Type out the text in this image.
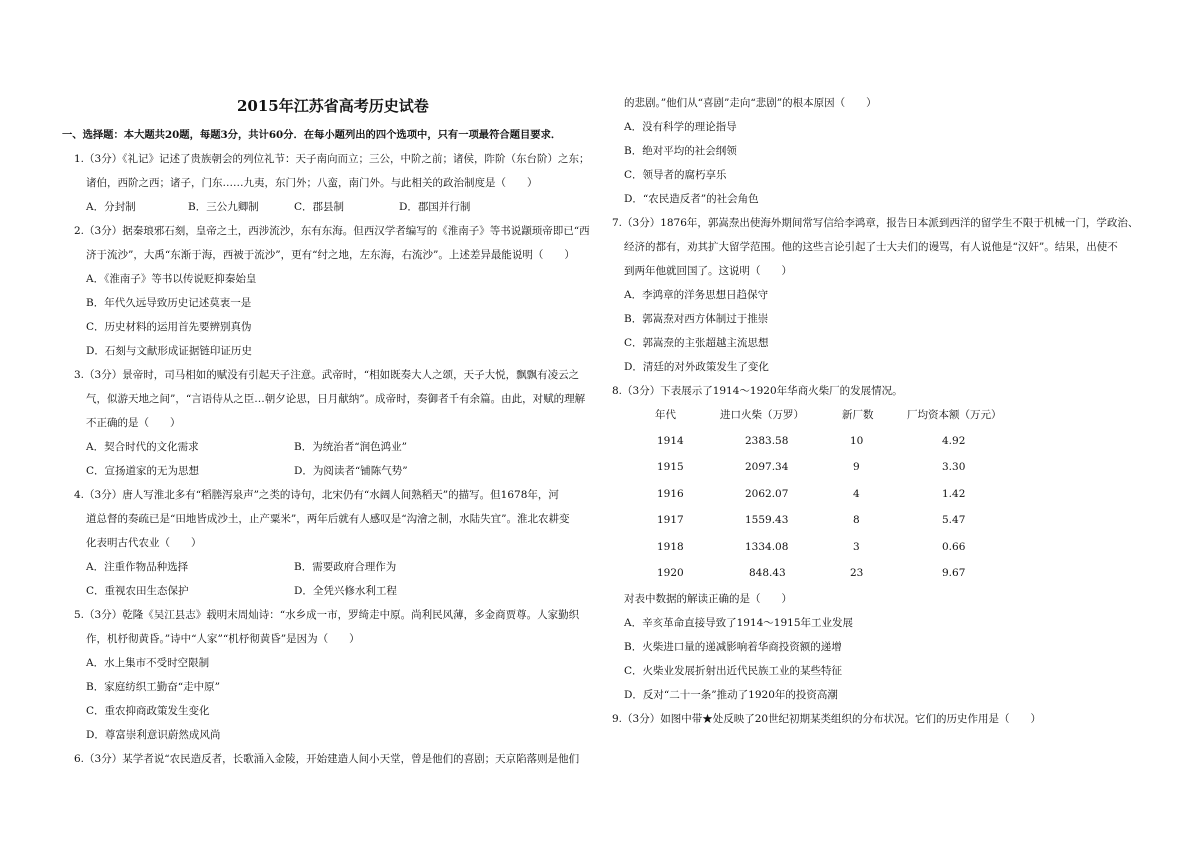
2015年江苏省高考历史试卷
一、选择题：本大题共20题，每题3分，共计60分．在每小题列出的四个选项中，只有一项最符合题目要求．
1.（3分）《礼记》记述了贵族朝会的列位礼节：天子南向而立；三公，中阶之前；诸侯，阼阶（东台阶）之东；
诸伯，西阶之西；诸子，门东……九夷，东门外；八蛮，南门外。与此相关的政治制度是（　　）
A．分封制	B．三公九卿制	C．郡县制	D．郡国并行制
2.（3分）据秦琅邪石刻，皇帝之土，西涉流沙，东有东海。但西汉学者编写的《淮南子》等书说颛顼帝即已“西
济于流沙”，大禹“东渐于海，西被于流沙”，更有“纣之地，左东海，右流沙”。上述差异最能说明（　　）
A．《淮南子》等书以传说贬抑秦始皇
B．年代久远导致历史记述莫衷一是
C．历史材料的运用首先要辨别真伪
D．石刻与文献形成证据链印证历史
3.（3分）景帝时，司马相如的赋没有引起天子注意。武帝时，“相如既奏大人之颂，天子大悦，飘飘有凌云之
气，似游天地之间”，“言语侍从之臣…朝夕论思，日月献纳”。成帝时，奏御者千有余篇。由此，对赋的理解
不正确的是（　　）
A．契合时代的文化需求	B．为统治者“润色鸿业”
C．宣扬道家的无为思想	D．为阅读者“铺陈气势”
4.（3分）唐人写淮北多有“稻塍泻泉声”之类的诗句，北宋仍有“水阔人间熟稻天”的描写。但1678年，河
道总督的奏疏已是“田地皆成沙土，止产粟米”，两年后就有人感叹是“沟澮之制，水陆失宜”。淮北农耕变
化表明古代农业（　　）
A．注重作物品种选择	B．需要政府合理作为
C．重视农田生态保护	D．全凭兴修水利工程
5.（3分）乾隆《吴江县志》载明末周灿诗：“水乡成一市，罗绮走中原。尚利民风薄，多金商贾尊。人家勤织
作，机杼彻黄昏。”诗中“人家”“机杼彻黄昏”是因为（　　）
A．水上集市不受时空限制
B．家庭纺织工勤奋“走中原”
C．重农抑商政策发生变化
D．尊富崇利意识蔚然成风尚
6.（3分）某学者说“农民造反者，长歌涌入金陵，开始建造人间小天堂，曾是他们的喜剧；天京陷落则是他们
的悲剧。”他们从“喜剧”走向“悲剧”的根本原因（　　）
A．没有科学的理论指导
B．绝对平均的社会纲领
C．领导者的腐朽享乐
D．“农民造反者”的社会角色
7.（3分）1876年，郭嵩焘出使海外期间常写信给李鸿章，报告日本派到西洋的留学生不限于机械一门，学政治、
经济的都有，劝其扩大留学范围。他的这些言论引起了士大夫们的谩骂，有人说他是“汉奸”。结果，出使不
到两年他就回国了。这说明（　　）
A．李鸿章的洋务思想日趋保守
B．郭嵩焘对西方体制过于推崇
C．郭嵩焘的主张超越主流思想
D．清廷的对外政策发生了变化
8.（3分）下表展示了1914～1920年华商火柴厂的发展情况。
年代	进口火柴（万罗）	新厂数	厂均资本额（万元）
1914	2383.58	10	4.92
1915	2097.34	9	3.30
1916	2062.07	4	1.42
1917	1559.43	8	5.47
1918	1334.08	3	0.66
1920	848.43	23	9.67
对表中数据的解读正确的是（　　）
A．辛亥革命直接导致了1914～1915年工业发展
B．火柴进口量的递减影响着华商投资额的递增
C．火柴业发展折射出近代民族工业的某些特征
D．反对“二十一条”推动了1920年的投资高潮
9.（3分）如图中带★处反映了20世纪初期某类组织的分布状况。它们的历史作用是（　　）
